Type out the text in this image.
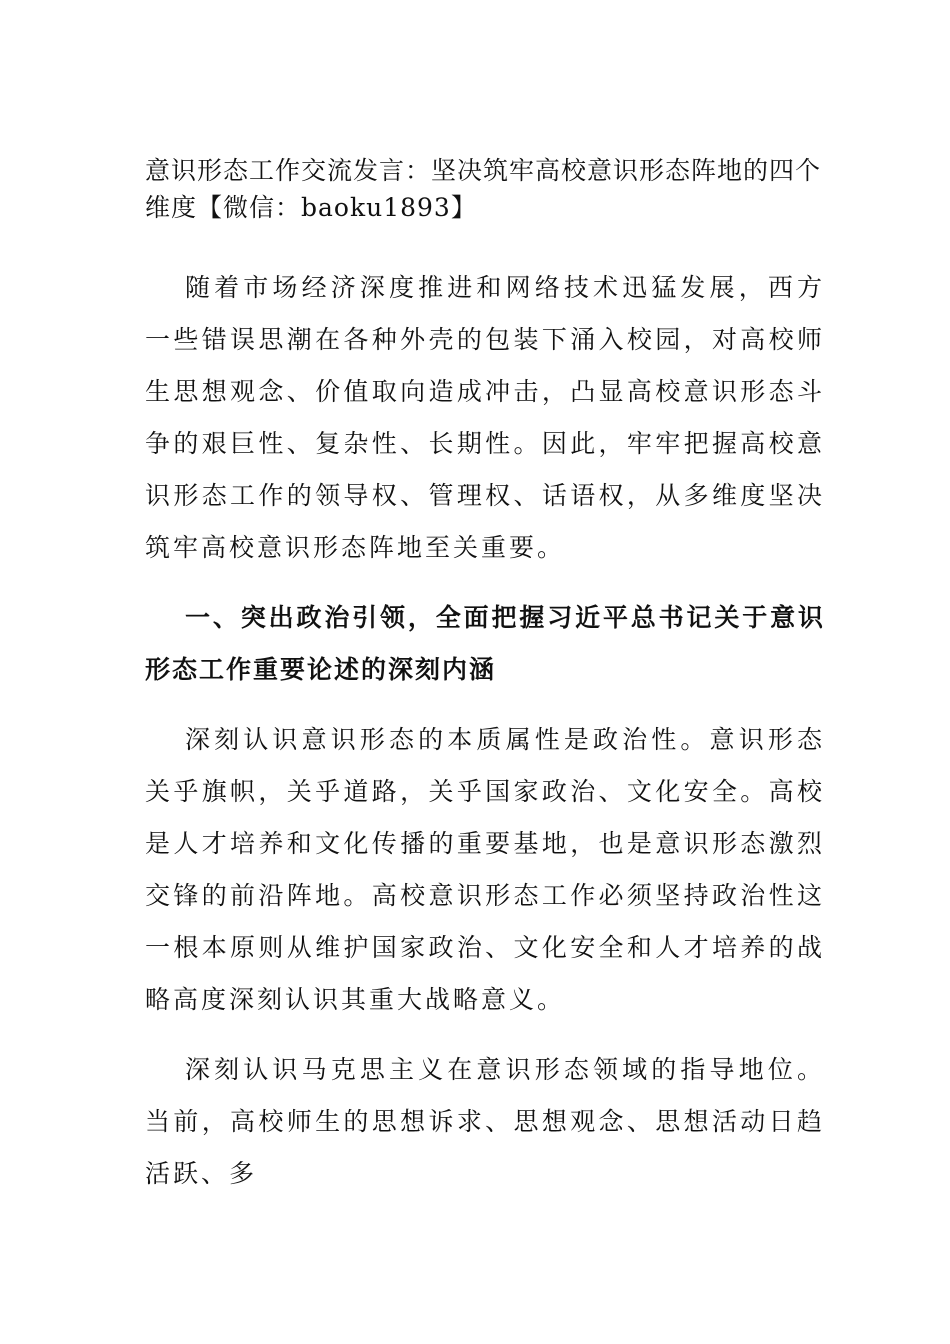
意识形态工作交流发言：坚决筑牢高校意识形态阵地的四个维度【微信：baoku1893】

随着市场经济深度推进和网络技术迅猛发展，西方一些错误思潮在各种外壳的包装下涌入校园，对高校师生思想观念、价值取向造成冲击，凸显高校意识形态斗争的艰巨性、复杂性、长期性。因此，牢牢把握高校意识形态工作的领导权、管理权、话语权，从多维度坚决筑牢高校意识形态阵地至关重要。

一、突出政治引领，全面把握习近平总书记关于意识形态工作重要论述的深刻内涵

深刻认识意识形态的本质属性是政治性。意识形态关乎旗帜，关乎道路，关乎国家政治、文化安全。高校是人才培养和文化传播的重要基地，也是意识形态激烈交锋的前沿阵地。高校意识形态工作必须坚持政治性这一根本原则从维护国家政治、文化安全和人才培养的战略高度深刻认识其重大战略意义。

深刻认识马克思主义在意识形态领域的指导地位。当前，高校师生的思想诉求、思想观念、思想活动日趋活跃、多
